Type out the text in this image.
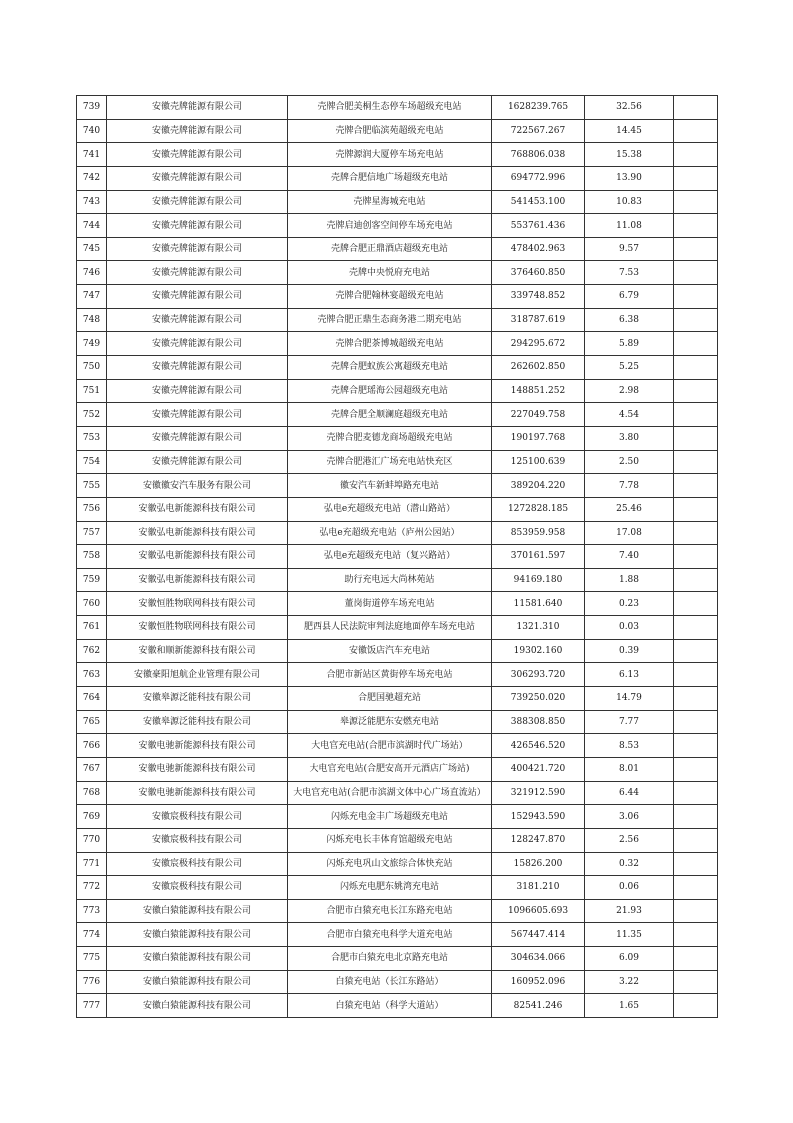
739	安徽壳牌能源有限公司	壳牌合肥美桐生态停车场超级充电站	1628239.765	32.56	
740	安徽壳牌能源有限公司	壳牌合肥临滨苑超级充电站	722567.267	14.45	
741	安徽壳牌能源有限公司	壳牌源润大厦停车场充电站	768806.038	15.38	
742	安徽壳牌能源有限公司	壳牌合肥信地广场超级充电站	694772.996	13.90	
743	安徽壳牌能源有限公司	壳牌星海城充电站	541453.100	10.83	
744	安徽壳牌能源有限公司	壳牌启迪创客空间停车场充电站	553761.436	11.08	
745	安徽壳牌能源有限公司	壳牌合肥正鼎酒店超级充电站	478402.963	9.57	
746	安徽壳牌能源有限公司	壳牌中央悦府充电站	376460.850	7.53	
747	安徽壳牌能源有限公司	壳牌合肥翰林宴超级充电站	339748.852	6.79	
748	安徽壳牌能源有限公司	壳牌合肥正鼎生态商务港二期充电站	318787.619	6.38	
749	安徽壳牌能源有限公司	壳牌合肥茶博城超级充电站	294295.672	5.89	
750	安徽壳牌能源有限公司	壳牌合肥蚁族公寓超级充电站	262602.850	5.25	
751	安徽壳牌能源有限公司	壳牌合肥瑶海公园超级充电站	148851.252	2.98	
752	安徽壳牌能源有限公司	壳牌合肥全顺澜庭超级充电站	227049.758	4.54	
753	安徽壳牌能源有限公司	壳牌合肥麦德龙商场超级充电站	190197.768	3.80	
754	安徽壳牌能源有限公司	壳牌合肥港汇广场充电站快充区	125100.639	2.50	
755	安徽徽安汽车服务有限公司	徽安汽车新蚌埠路充电站	389204.220	7.78	
756	安徽弘电新能源科技有限公司	弘电e充超级充电站（潜山路站）	1272828.185	25.46	
757	安徽弘电新能源科技有限公司	弘电e充超级充电站（庐州公园站）	853959.958	17.08	
758	安徽弘电新能源科技有限公司	弘电e充超级充电站（复兴路站）	370161.597	7.40	
759	安徽弘电新能源科技有限公司	助行充电远大尚林苑站	94169.180	1.88	
760	安徽恒胜物联网科技有限公司	董岗街道停车场充电站	11581.640	0.23	
761	安徽恒胜物联网科技有限公司	肥西县人民法院审判法庭地面停车场充电站	1321.310	0.03	
762	安徽和顺新能源科技有限公司	安徽饭店汽车充电站	19302.160	0.39	
763	安徽豪阳旭航企业管理有限公司	合肥市新站区黄街停车场充电站	306293.720	6.13	
764	安徽皋源泛能科技有限公司	合肥国驰超充站	739250.020	14.79	
765	安徽皋源泛能科技有限公司	皋源泛能肥东安燃充电站	388308.850	7.77	
766	安徽电驰新能源科技有限公司	大电官充电站(合肥市滨湖时代广场站）	426546.520	8.53	
767	安徽电驰新能源科技有限公司	大电官充电站(合肥安高开元酒店广场站)	400421.720	8.01	
768	安徽电驰新能源科技有限公司	大电官充电站(合肥市滨湖文体中心广场直流站）	321912.590	6.44	
769	安徽宸极科技有限公司	闪烁充电金丰广场超级充电站	152943.590	3.06	
770	安徽宸极科技有限公司	闪烁充电长丰体育馆超级充电站	128247.870	2.56	
771	安徽宸极科技有限公司	闪烁充电巩山文旅综合体快充站	15826.200	0.32	
772	安徽宸极科技有限公司	闪烁充电肥东姚湾充电站	3181.210	0.06	
773	安徽白猿能源科技有限公司	合肥市白猿充电长江东路充电站	1096605.693	21.93	
774	安徽白猿能源科技有限公司	合肥市白猿充电科学大道充电站	567447.414	11.35	
775	安徽白猿能源科技有限公司	合肥市白猿充电北京路充电站	304634.066	6.09	
776	安徽白猿能源科技有限公司	白猿充电站（长江东路站）	160952.096	3.22	
777	安徽白猿能源科技有限公司	白猿充电站（科学大道站）	82541.246	1.65	
